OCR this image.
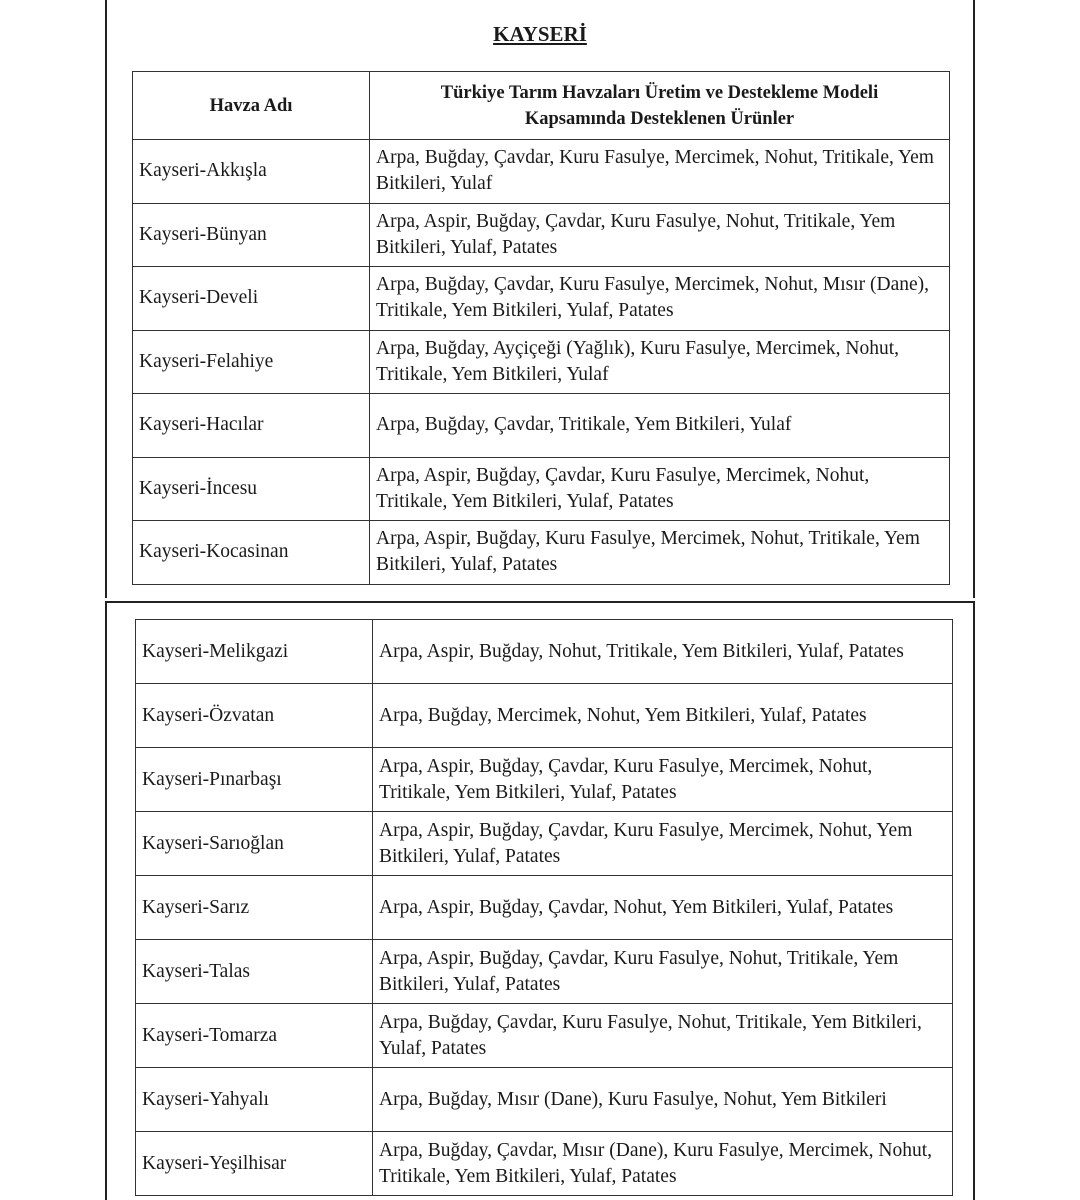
KAYSERİ
Havza Adı	Türkiye Tarım Havzaları Üretim ve Destekleme Modeli
Kapsamında Desteklenen Ürünler
Kayseri-Akkışla	Arpa, Buğday, Çavdar, Kuru Fasulye, Mercimek, Nohut, Tritikale, Yem Bitkileri, Yulaf
Kayseri-Bünyan	Arpa, Aspir, Buğday, Çavdar, Kuru Fasulye, Nohut, Tritikale, Yem Bitkileri, Yulaf, Patates
Kayseri-Develi	Arpa, Buğday, Çavdar, Kuru Fasulye, Mercimek, Nohut, Mısır (Dane), Tritikale, Yem Bitkileri, Yulaf, Patates
Kayseri-Felahiye	Arpa, Buğday, Ayçiçeği (Yağlık), Kuru Fasulye, Mercimek, Nohut, Tritikale, Yem Bitkileri, Yulaf
Kayseri-Hacılar	Arpa, Buğday, Çavdar, Tritikale, Yem Bitkileri, Yulaf
Kayseri-İncesu	Arpa, Aspir, Buğday, Çavdar, Kuru Fasulye, Mercimek, Nohut, Tritikale, Yem Bitkileri, Yulaf, Patates
Kayseri-Kocasinan	Arpa, Aspir, Buğday, Kuru Fasulye, Mercimek, Nohut, Tritikale, Yem Bitkileri, Yulaf, Patates
Kayseri-Melikgazi	Arpa, Aspir, Buğday, Nohut, Tritikale, Yem Bitkileri, Yulaf, Patates
Kayseri-Özvatan	Arpa, Buğday, Mercimek, Nohut, Yem Bitkileri, Yulaf, Patates
Kayseri-Pınarbaşı	Arpa, Aspir, Buğday, Çavdar, Kuru Fasulye, Mercimek, Nohut, Tritikale, Yem Bitkileri, Yulaf, Patates
Kayseri-Sarıoğlan	Arpa, Aspir, Buğday, Çavdar, Kuru Fasulye, Mercimek, Nohut, Yem Bitkileri, Yulaf, Patates
Kayseri-Sarız	Arpa, Aspir, Buğday, Çavdar, Nohut, Yem Bitkileri, Yulaf, Patates
Kayseri-Talas	Arpa, Aspir, Buğday, Çavdar, Kuru Fasulye, Nohut, Tritikale, Yem Bitkileri, Yulaf, Patates
Kayseri-Tomarza	Arpa, Buğday, Çavdar, Kuru Fasulye, Nohut, Tritikale, Yem Bitkileri, Yulaf, Patates
Kayseri-Yahyalı	Arpa, Buğday, Mısır (Dane), Kuru Fasulye, Nohut, Yem Bitkileri
Kayseri-Yeşilhisar	Arpa, Buğday, Çavdar, Mısır (Dane), Kuru Fasulye, Mercimek, Nohut, Tritikale, Yem Bitkileri, Yulaf, Patates
